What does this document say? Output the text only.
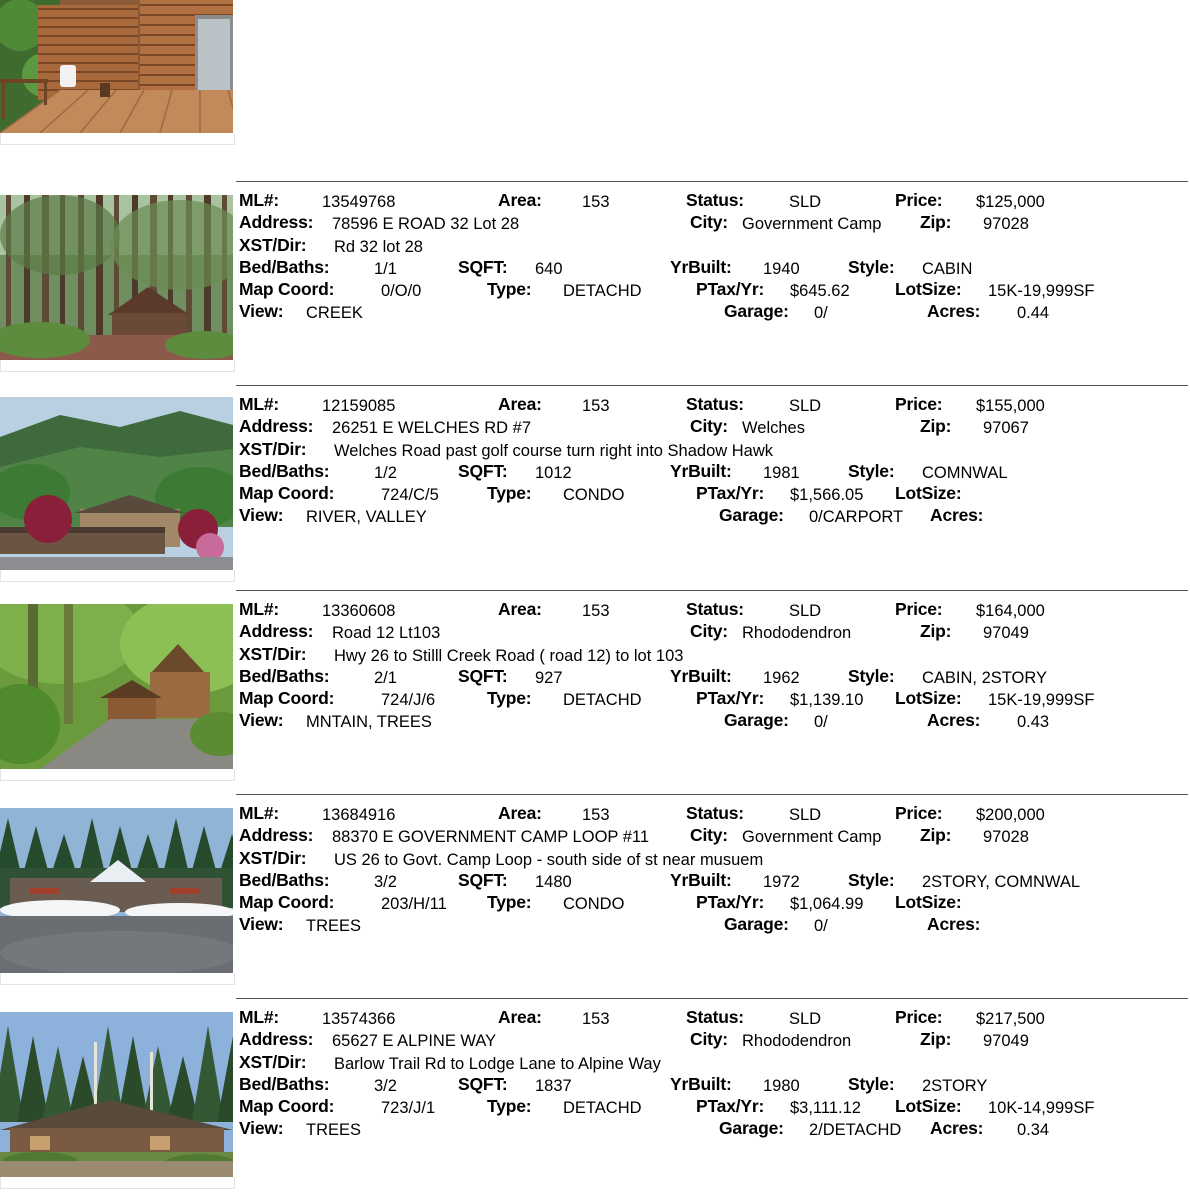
ML#:	13549768	Area: 153	Status:	SLD	Price: $125,000
Address: 78596 E ROAD 32 Lot 28	City: Government Camp Zip: 97028
XST/Dir: Rd 32 lot 28
Bed/Baths:	1/1	SQFT: 640	YrBuilt: 1940	Style: CABIN
Map Coord:	0/O/0	Type: DETACHD	PTax/Yr: $645.62	LotSize: 15K-19,999SF
View: CREEK	Garage: 0/	Acres: 0.44
ML#:	12159085	Area: 153	Status:	SLD	Price: $155,000
Address: 26251 E WELCHES RD #7	City: Welches	Zip: 97067
XST/Dir: Welches Road past golf course turn right into Shadow Hawk
Bed/Baths:	1/2	SQFT: 1012	YrBuilt: 1981	Style: COMNWAL
Map Coord:	724/C/5	Type: CONDO	PTax/Yr: $1,566.05 LotSize:
View: RIVER, VALLEY	Garage: 0/CARPORT Acres:
ML#:	13360608	Area: 153	Status:	SLD	Price: $164,000
Address: Road 12 Lt103	City: Rhododendron	Zip: 97049
XST/Dir: Hwy 26 to Stilll Creek Road ( road 12) to lot 103
Bed/Baths:	2/1	SQFT: 927	YrBuilt: 1962	Style: CABIN, 2STORY
Map Coord:	724/J/6	Type: DETACHD	PTax/Yr: $1,139.10 LotSize: 15K-19,999SF
View: MNTAIN, TREES	Garage: 0/	Acres: 0.43
ML#:	13684916	Area: 153	Status:	SLD	Price: $200,000
Address: 88370 E GOVERNMENT CAMP LOOP #11 City: Government Camp Zip: 97028
XST/Dir: US 26 to Govt. Camp Loop - south side of st near musuem
Bed/Baths:	3/2	SQFT: 1480	YrBuilt: 1972	Style: 2STORY, COMNWAL
Map Coord:	203/H/11 Type: CONDO	PTax/Yr: $1,064.99 LotSize:
View: TREES	Garage: 0/	Acres:
ML#:	13574366	Area: 153	Status:	SLD	Price: $217,500
Address: 65627 E ALPINE WAY	City: Rhododendron	Zip: 97049
XST/Dir: Barlow Trail Rd to Lodge Lane to Alpine Way
Bed/Baths:	3/2	SQFT: 1837	YrBuilt: 1980	Style: 2STORY
Map Coord:	723/J/1	Type: DETACHD	PTax/Yr: $3,111.12 LotSize: 10K-14,999SF
View: TREES	Garage: 2/DETACHD Acres: 0.34
